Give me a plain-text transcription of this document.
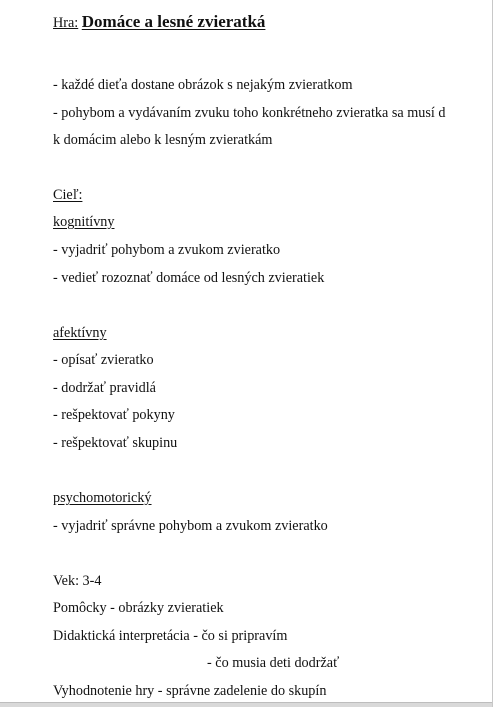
Hra: Domáce a lesné zvieratká
- každé dieťa dostane obrázok s nejakým zvieratkom
- pohybom a vydávaním zvuku toho konkrétneho zvieratka sa musí d
k domácim alebo k lesným zvieratkám
Cieľ:
kognitívny
- vyjadriť pohybom a zvukom zvieratko
- vedieť rozoznať domáce od lesných zvieratiek
afektívny
- opísať zvieratko
- dodržať pravidlá
- rešpektovať pokyny
- rešpektovať skupinu
psychomotorický
- vyjadriť správne pohybom a zvukom zvieratko
Vek: 3-4
Pomôcky - obrázky zvieratiek
Didaktická interpretácia - čo si pripravím
- čo musia deti dodržať
Vyhodnotenie hry - správne zadelenie do skupín
